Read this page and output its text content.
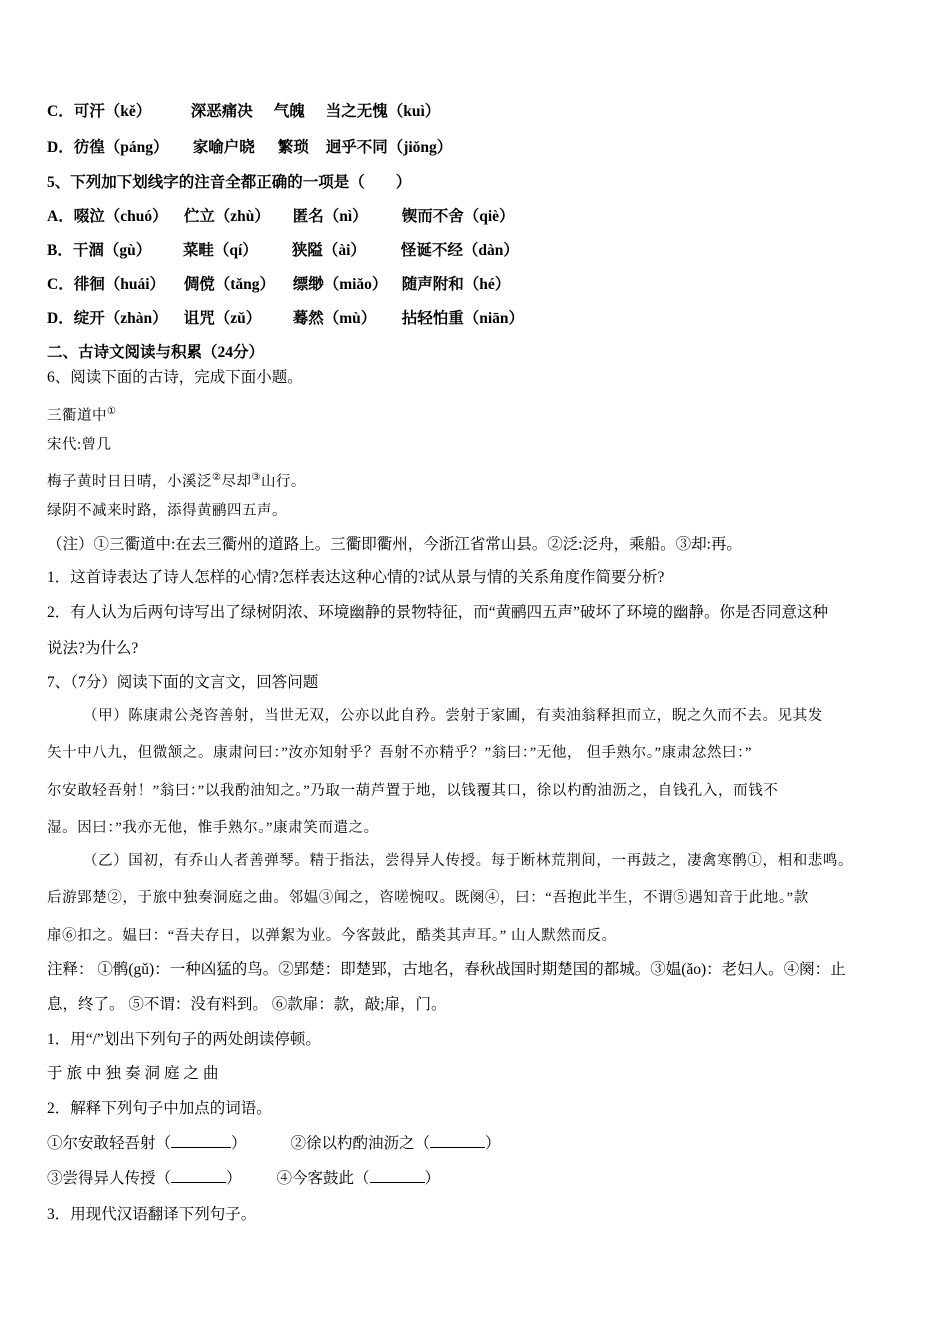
C．可汗（kě）	深恶痛决 气魄 当之无愧（kuì）
D．彷徨（páng） 家喻户晓 繁琐 迥乎不同（jiǒng）
5、下列加下划线字的注音全都正确的一项是（　　）
A．啜泣（chuó） 伫立（zhù） 匿名（nì） 锲而不舍（qiè）
B．干涸（gù） 菜畦（qí） 狭隘（ài） 怪诞不经（dàn）
C．徘徊（huái） 倜傥（tǎng） 缥缈（miǎo） 随声附和（hé）
D．绽开（zhàn） 诅咒（zǔ） 蓦然（mù） 拈轻怕重（niān）
二、古诗文阅读与积累（24分）
6、阅读下面的古诗，完成下面小题。
三衢道中①
宋代:曾几
梅子黄时日日晴，小溪泛②尽却③山行。
绿阴不减来时路，添得黄鹂四五声。
（注）①三衢道中:在去三衢州的道路上。三衢即衢州，今浙江省常山县。②泛:泛舟，乘船。③却:再。
1．这首诗表达了诗人怎样的心情?怎样表达这种心情的?试从景与情的关系角度作简要分析?
2．有人认为后两句诗写出了绿树阴浓、环境幽静的景物特征，而“黄鹂四五声”破坏了环境的幽静。你是否同意这种
说法?为什么?
7、（7分）阅读下面的文言文，回答问题
（甲）陈康肃公尧咨善射，当世无双，公亦以此自矜。尝射于家圃，有卖油翁释担而立，睨之久而不去。见其发
矢十中八九，但微颔之。康肃问曰：”汝亦知射乎？吾射不亦精乎？”翁曰：”无他， 但手熟尔。”康肃忿然曰：”
尔安敢轻吾射！”翁曰：”以我酌油知之。”乃取一葫芦置于地，以钱覆其口，徐以杓酌油沥之，自钱孔入，而钱不
湿。因曰：”我亦无他，惟手熟尔。”康肃笑而遣之。
（乙）国初，有乔山人者善弹琴。精于指法，尝得异人传授。每于断林荒荆间，一再鼓之，凄禽寒鹘①，相和悲鸣。
后游郢楚②，于旅中独奏洞庭之曲。邻媪③闻之，咨嗟惋叹。既阕④，曰：“吾抱此半生，不谓⑤遇知音于此地。”款
扉⑥扣之。媪曰：“吾夫存日，以弹絮为业。今客鼓此，酷类其声耳。” 山人默然而反。
注释： ①鹘(gǔ)：一种凶猛的鸟。②郢楚：即楚郢，古地名，春秋战国时期楚国的都城。③媪(ǎo)：老妇人。④阕：止
息，终了。 ⑤不谓：没有料到。 ⑥款扉：款，敲;扉，门。
1．用“/”划出下列句子的两处朗读停顿。
于旅中独奏洞庭之曲
2．解释下列句子中加点的词语。
①尔安敢轻吾射（	）	②徐以杓酌油沥之（	）
③尝得异人传授（	） ④今客鼓此（	）
3．用现代汉语翻译下列句子。
